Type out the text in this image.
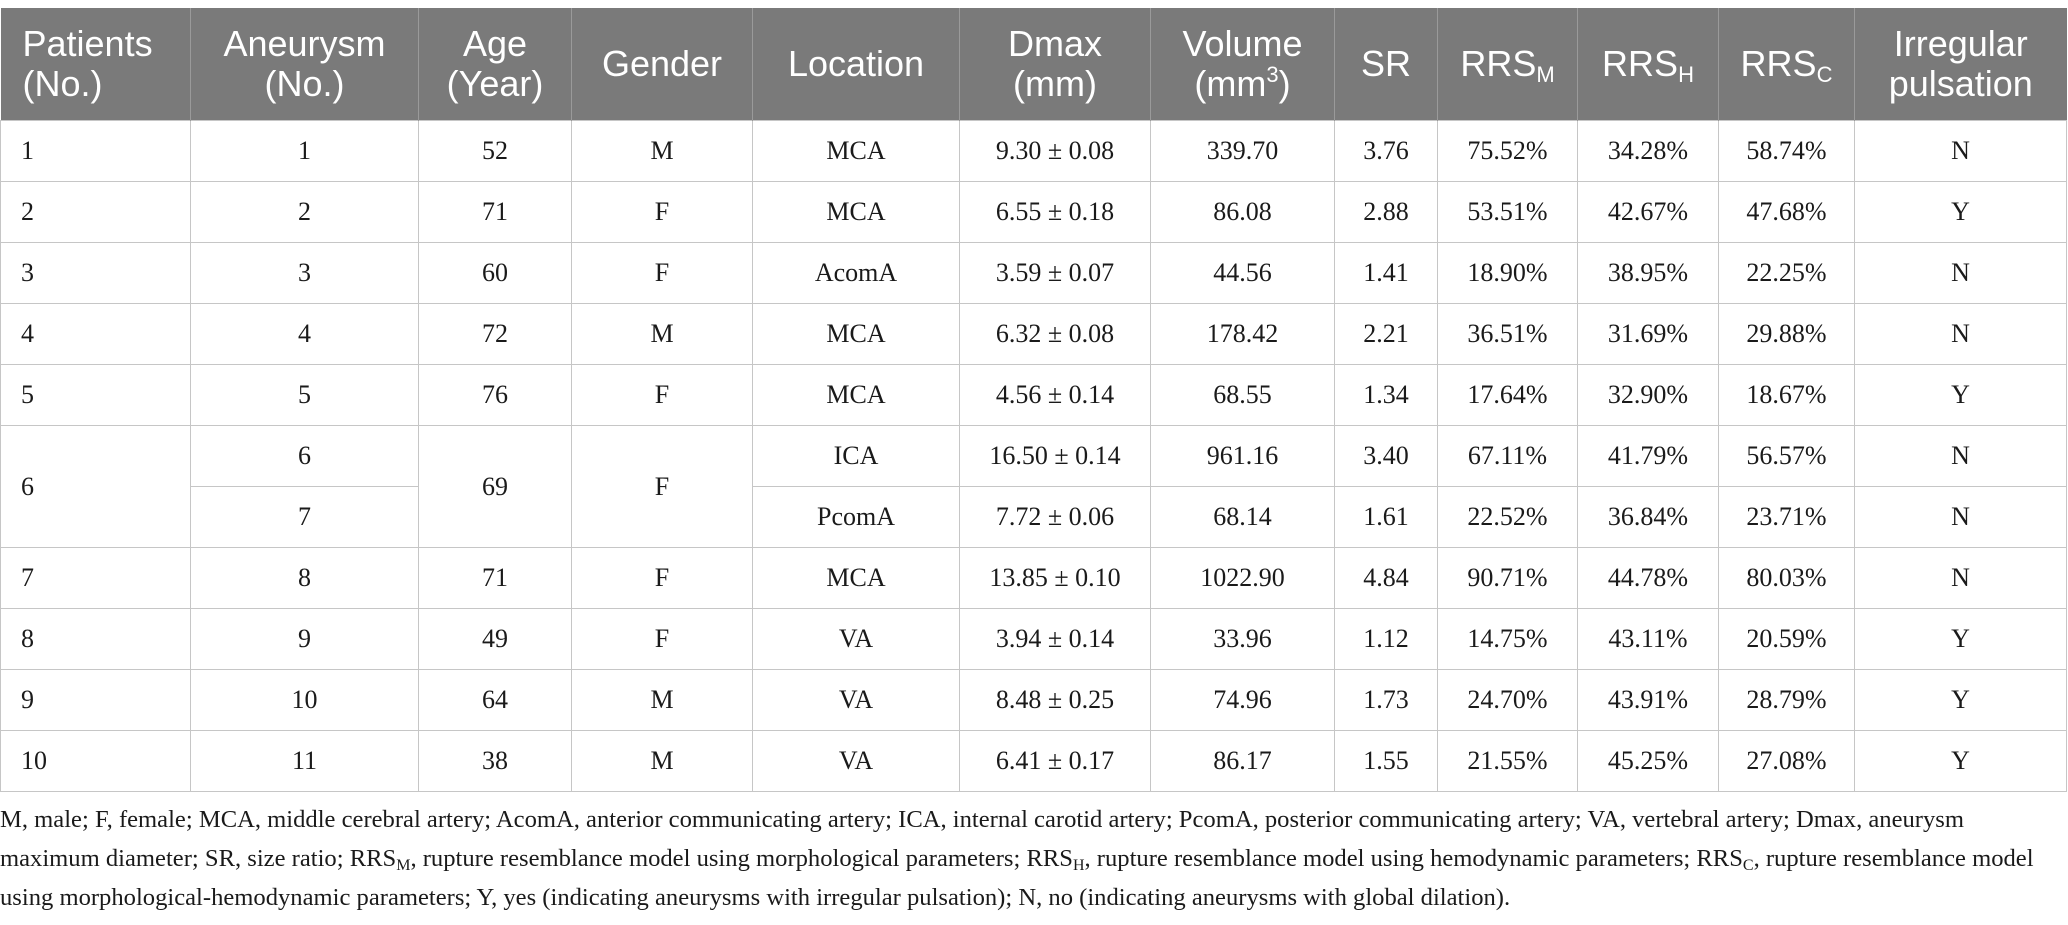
Patients (No.)	Aneurysm (No.)	Age (Year)	Gender	Location	Dmax (mm)	Volume $(mm^3)$	SR	$RRS_M$	$RRS_H$	$RRS_C$	Irregular pulsation
1	1	52	M	MCA	9.30 ± 0.08	339.70	3.76	75.52%	34.28%	58.74%	N
2	2	71	F	MCA	6.55 ± 0.18	86.08	2.88	53.51%	42.67%	47.68%	Y
3	3	60	F	AcomA	3.59 ± 0.07	44.56	1.41	18.90%	38.95%	22.25%	N
4	4	72	M	MCA	6.32 ± 0.08	178.42	2.21	36.51%	31.69%	29.88%	N
5	5	76	F	MCA	4.56 ± 0.14	68.55	1.34	17.64%	32.90%	18.67%	Y
6	6	69	F	ICA	16.50 ± 0.14	961.16	3.40	67.11%	41.79%	56.57%	N
	7			PcomA	7.72 ± 0.06	68.14	1.61	22.52%	36.84%	23.71%	N
7	8	71	F	MCA	13.85 ± 0.10	1022.90	4.84	90.71%	44.78%	80.03%	N
8	9	49	F	VA	3.94 ± 0.14	33.96	1.12	14.75%	43.11%	20.59%	Y
9	10	64	M	VA	8.48 ± 0.25	74.96	1.73	24.70%	43.91%	28.79%	Y
10	11	38	M	VA	6.41 ± 0.17	86.17	1.55	21.55%	45.25%	27.08%	Y

M, male; F, female; MCA, middle cerebral artery; AcomA, anterior communicating artery; ICA, internal carotid artery; PcomA, posterior communicating artery; VA, vertebral artery; Dmax, aneurysm maximum diameter; SR, size ratio; $RRS_M$, rupture resemblance model using morphological parameters; $RRS_H$, rupture resemblance model using hemodynamic parameters; $RRS_C$, rupture resemblance model using morphological-hemodynamic parameters; Y, yes (indicating aneurysms with irregular pulsation); N, no (indicating aneurysms with global dilation).
